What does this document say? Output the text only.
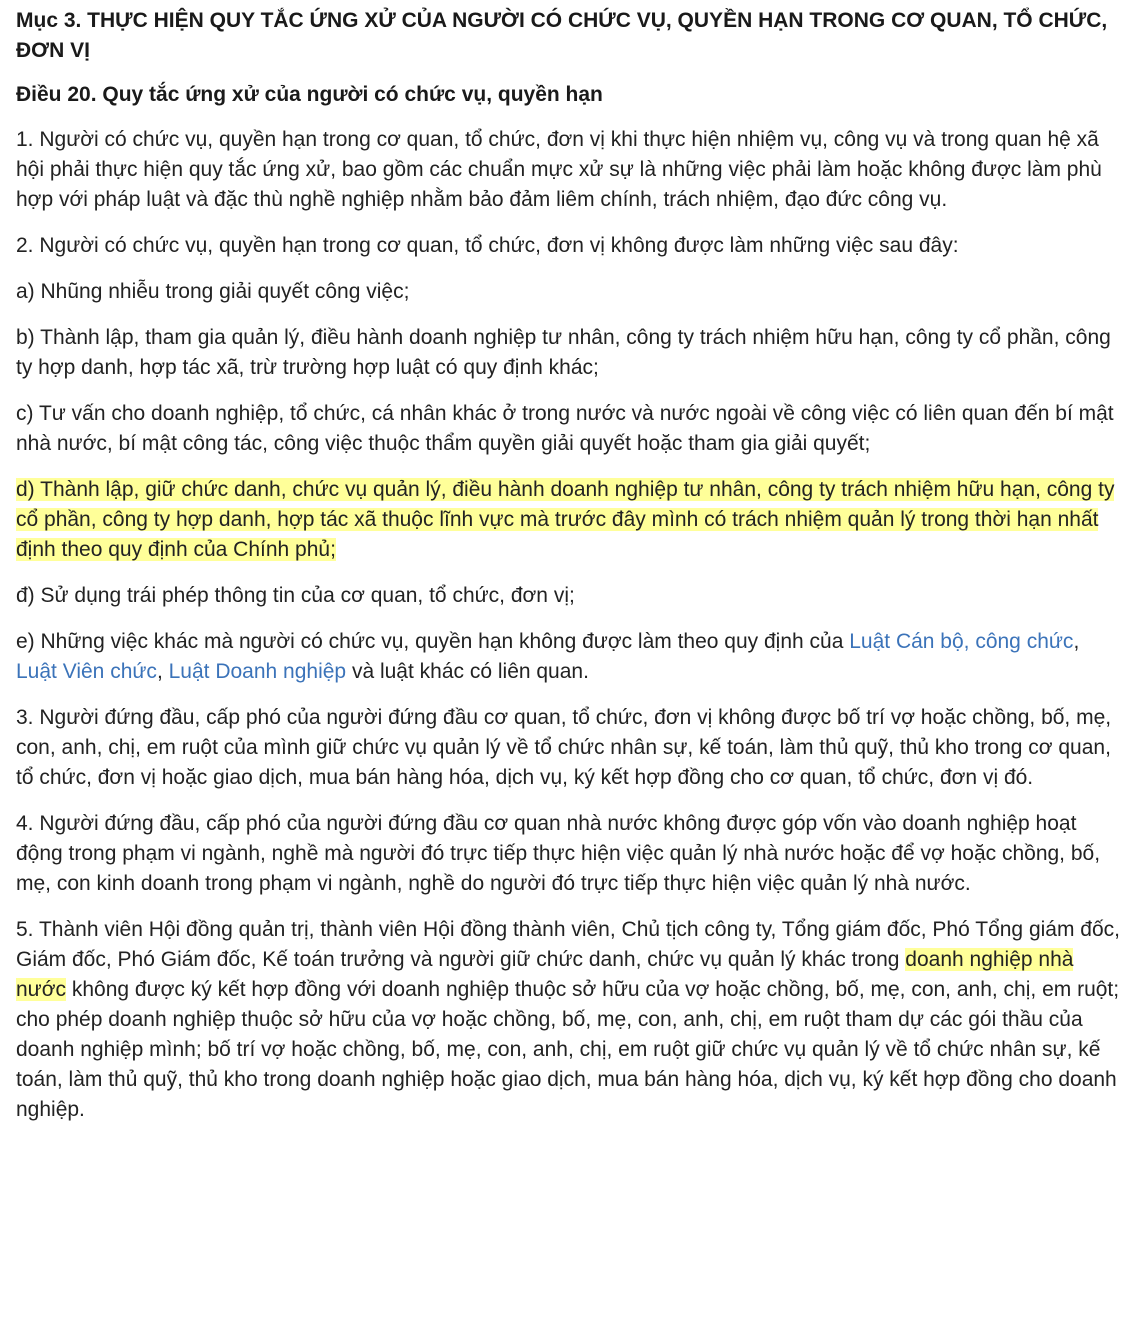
Mục 3. THỰC HIỆN QUY TẮC ỨNG XỬ CỦA NGƯỜI CÓ CHỨC VỤ, QUYỀN HẠN TRONG CƠ QUAN, TỔ CHỨC, ĐƠN VỊ
Điều 20. Quy tắc ứng xử của người có chức vụ, quyền hạn

1. Người có chức vụ, quyền hạn trong cơ quan, tổ chức, đơn vị khi thực hiện nhiệm vụ, công vụ và trong quan hệ xã hội phải thực hiện quy tắc ứng xử, bao gồm các chuẩn mực xử sự là những việc phải làm hoặc không được làm phù hợp với pháp luật và đặc thù nghề nghiệp nhằm bảo đảm liêm chính, trách nhiệm, đạo đức công vụ.

2. Người có chức vụ, quyền hạn trong cơ quan, tổ chức, đơn vị không được làm những việc sau đây:

a) Nhũng nhiễu trong giải quyết công việc;

b) Thành lập, tham gia quản lý, điều hành doanh nghiệp tư nhân, công ty trách nhiệm hữu hạn, công ty cổ phần, công ty hợp danh, hợp tác xã, trừ trường hợp luật có quy định khác;

c) Tư vấn cho doanh nghiệp, tổ chức, cá nhân khác ở trong nước và nước ngoài về công việc có liên quan đến bí mật nhà nước, bí mật công tác, công việc thuộc thẩm quyền giải quyết hoặc tham gia giải quyết;

d) Thành lập, giữ chức danh, chức vụ quản lý, điều hành doanh nghiệp tư nhân, công ty trách nhiệm hữu hạn, công ty cổ phần, công ty hợp danh, hợp tác xã thuộc lĩnh vực mà trước đây mình có trách nhiệm quản lý trong thời hạn nhất định theo quy định của Chính phủ;

đ) Sử dụng trái phép thông tin của cơ quan, tổ chức, đơn vị;

e) Những việc khác mà người có chức vụ, quyền hạn không được làm theo quy định của Luật Cán bộ, công chức, Luật Viên chức, Luật Doanh nghiệp và luật khác có liên quan.

3. Người đứng đầu, cấp phó của người đứng đầu cơ quan, tổ chức, đơn vị không được bố trí vợ hoặc chồng, bố, mẹ, con, anh, chị, em ruột của mình giữ chức vụ quản lý về tổ chức nhân sự, kế toán, làm thủ quỹ, thủ kho trong cơ quan, tổ chức, đơn vị hoặc giao dịch, mua bán hàng hóa, dịch vụ, ký kết hợp đồng cho cơ quan, tổ chức, đơn vị đó.

4. Người đứng đầu, cấp phó của người đứng đầu cơ quan nhà nước không được góp vốn vào doanh nghiệp hoạt động trong phạm vi ngành, nghề mà người đó trực tiếp thực hiện việc quản lý nhà nước hoặc để vợ hoặc chồng, bố, mẹ, con kinh doanh trong phạm vi ngành, nghề do người đó trực tiếp thực hiện việc quản lý nhà nước.

5. Thành viên Hội đồng quản trị, thành viên Hội đồng thành viên, Chủ tịch công ty, Tổng giám đốc, Phó Tổng giám đốc, Giám đốc, Phó Giám đốc, Kế toán trưởng và người giữ chức danh, chức vụ quản lý khác trong doanh nghiệp nhà nước không được ký kết hợp đồng với doanh nghiệp thuộc sở hữu của vợ hoặc chồng, bố, mẹ, con, anh, chị, em ruột; cho phép doanh nghiệp thuộc sở hữu của vợ hoặc chồng, bố, mẹ, con, anh, chị, em ruột tham dự các gói thầu của doanh nghiệp mình; bố trí vợ hoặc chồng, bố, mẹ, con, anh, chị, em ruột giữ chức vụ quản lý về tổ chức nhân sự, kế toán, làm thủ quỹ, thủ kho trong doanh nghiệp hoặc giao dịch, mua bán hàng hóa, dịch vụ, ký kết hợp đồng cho doanh nghiệp.
